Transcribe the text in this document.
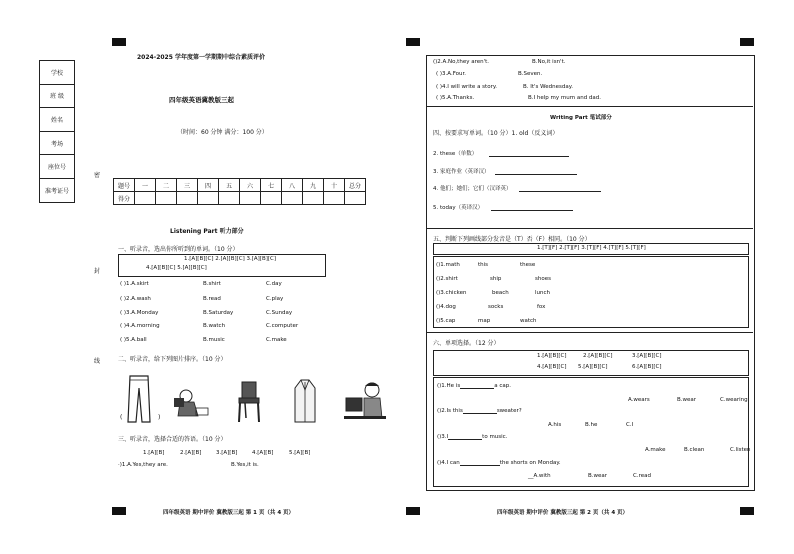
2024-2025 学年度第一学期期中综合素质评价
四年级英语冀教版三起
（时间：60 分钟 满分：100 分）
学校
班 级
姓名
考场
座位号
准考证号
密
封
线
题号	一	二	三	四	五	六	七	八	九	十	总分
得分											
Listening Part 听力部分
一、听录音，选出你所听到的单词。（10 分）
1.[A][B][C] 2.[A][B][C] 3.[A][B][C]
4.[A][B][C] 5.[A][B][C]
( )1.A.skirt	B.shirt	C.day
( )2.A.wash	B.read	C.play
( )3.A.Monday	B.Saturday	C.Sunday
( )4.A.morning	B.watch	C.computer
( )5.A.ball	B.music	C.make
二、听录音，给下列图片排序。（10 分）
(	)
三、听录音，选择合适的答语。（10 分）
1.[A][B]	2.[A][B]	3.[A][B]	4.[A][B]	5.[A][B]
·)1.A.Yes,they are.	B.Yes,it is.
四年级英语 期中评价 冀教版三起 第 1 页（共 4 页）
()2.A.No,they aren't.	B.No,it isn't.
( )3.A.Four.	B.Seven.
( )4.I will write a story.	B. It's Wednesday.
( )5.A.Thanks.	B.I help my mum and dad.
Writing Part 笔试部分
四、按要求写单词。（10 分）1. old（反义词）
2. these（单数）
3. 家庭作业（英译汉）
4. 他们；她们；它们（汉译英）
5. today（英译汉）
五、判断下列画线部分发音是（T）否（F）相同。（10 分）
1.[T][F] 2.[T][F] 3.[T][F] 4.[T][F] 5.[T][F]
()1.math	this	these
()2.shirt	ship	shoes
()3.chicken	beach	lunch
()4.dog	socks	fox
()5.cap	map	watch
六、单项选择。（12 分）
1.[A][B][C]	2.[A][B][C]	3.[A][B][C]
4.[A][B][C] 5.[A][B][C]	6.[A][B][C]
()1.He is	a cap.
A.wears	B.wear	C.wearing
()2.Is this	sweater?
A.his	B.he	C.I
()3.I	to music.
A.make	B.clean	C.listen
()4.I can	the shorts on Monday.
__A.with	B.wear	C.read
四年级英语 期中评价 冀教版三起 第 2 页（共 4 页）
